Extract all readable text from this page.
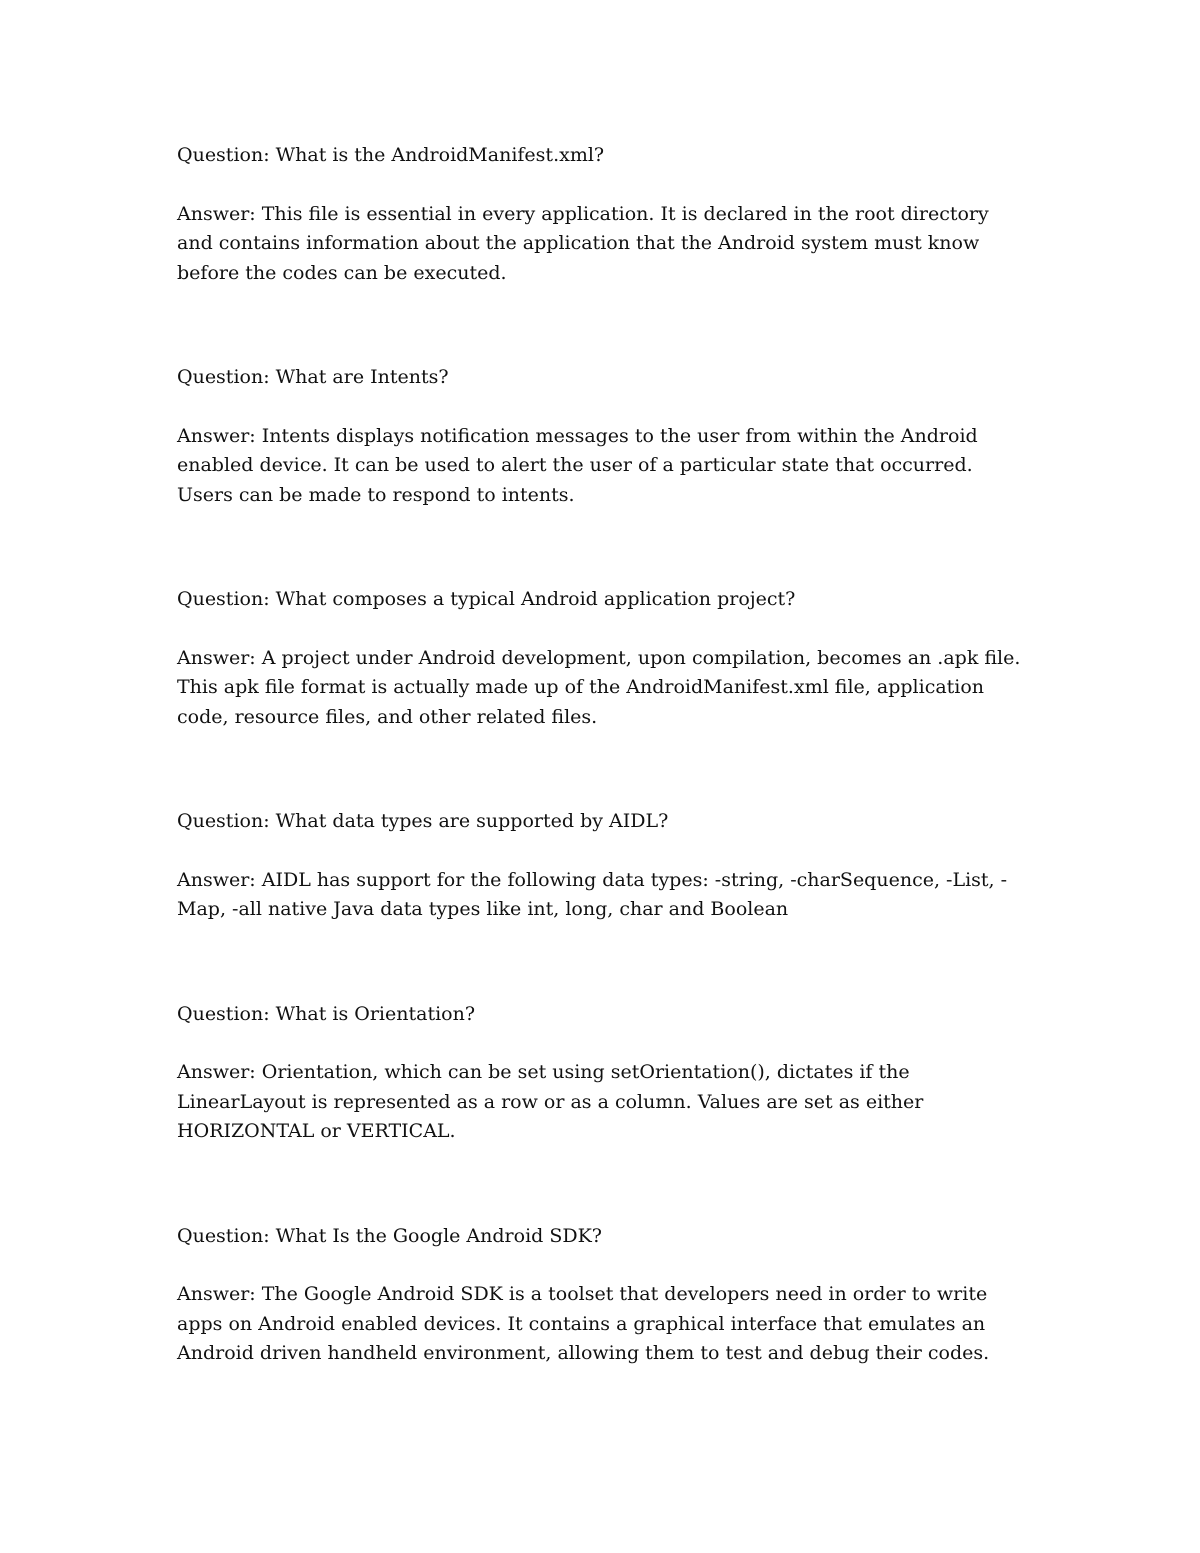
Question: What is the AndroidManifest.xml?

Answer: This file is essential in every application. It is declared in the root directory and contains information about the application that the Android system must know before the codes can be executed.

Question: What are Intents?

Answer: Intents displays notification messages to the user from within the Android enabled device. It can be used to alert the user of a particular state that occurred. Users can be made to respond to intents.

Question: What composes a typical Android application project?

Answer: A project under Android development, upon compilation, becomes an .apk file. This apk file format is actually made up of the AndroidManifest.xml file, application code, resource files, and other related files.

Question: What data types are supported by AIDL?

Answer: AIDL has support for the following data types: -string, -charSequence, -List, -Map, -all native Java data types like int, long, char and Boolean

Question: What is Orientation?

Answer: Orientation, which can be set using setOrientation(), dictates if the LinearLayout is represented as a row or as a column. Values are set as either HORIZONTAL or VERTICAL.

Question: What Is the Google Android SDK?

Answer: The Google Android SDK is a toolset that developers need in order to write apps on Android enabled devices. It contains a graphical interface that emulates an Android driven handheld environment, allowing them to test and debug their codes.
